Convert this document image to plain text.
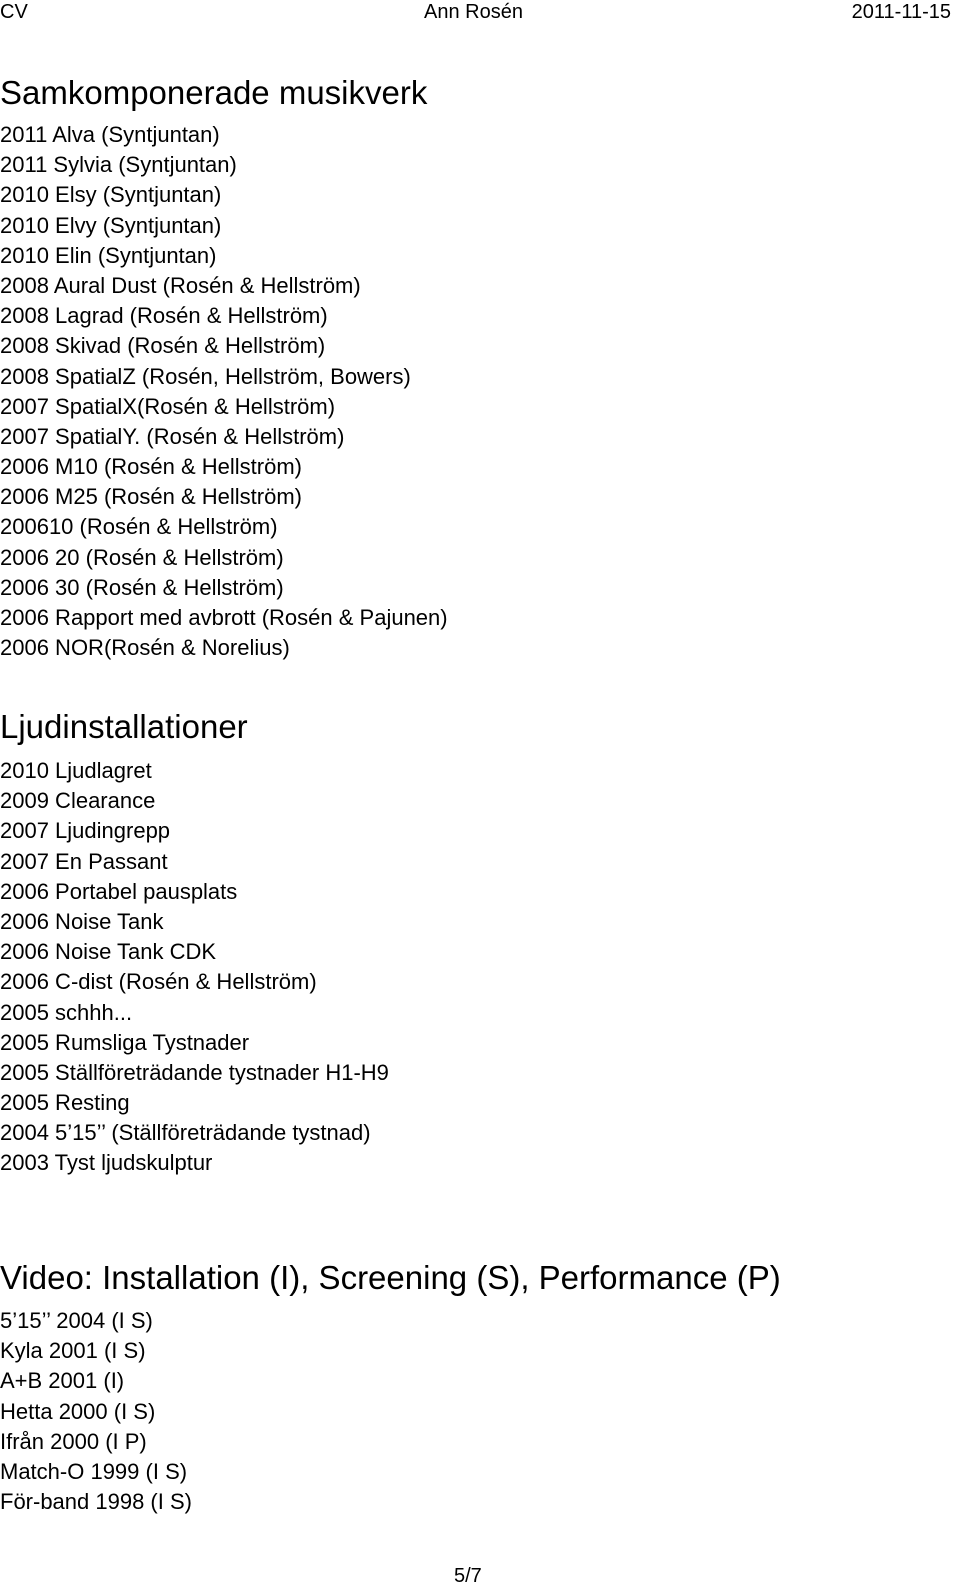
CV	Ann Rosén	2011-11-15
Samkomponerade musikverk
2011 Alva (Syntjuntan)
2011 Sylvia (Syntjuntan)
2010 Elsy (Syntjuntan)
2010 Elvy (Syntjuntan)
2010 Elin (Syntjuntan)
2008 Aural Dust (Rosén & Hellström)
2008 Lagrad (Rosén & Hellström)
2008 Skivad (Rosén & Hellström)
2008 SpatialZ (Rosén, Hellström, Bowers)
2007 SpatialX(Rosén & Hellström)
2007 SpatialY. (Rosén & Hellström)
2006 M10 (Rosén & Hellström)
2006 M25 (Rosén & Hellström)
200610 (Rosén & Hellström)
2006 20 (Rosén & Hellström)
2006 30 (Rosén & Hellström)
2006 Rapport med avbrott (Rosén & Pajunen)
2006 NOR(Rosén & Norelius)
Ljudinstallationer
2010 Ljudlagret
2009 Clearance
2007 Ljudingrepp
2007 En Passant
2006 Portabel pausplats
2006 Noise Tank
2006 Noise Tank CDK
2006 C-dist (Rosén & Hellström)
2005 schhh...
2005 Rumsliga Tystnader
2005 Ställföreträdande tystnader H1-H9
2005 Resting
2004 5’15’’ (Ställföreträdande tystnad)
2003 Tyst ljudskulptur
Video: Installation (I), Screening (S), Performance (P)
5’15’’ 2004 (I S)
Kyla 2001 (I S)
A+B 2001 (I)
Hetta 2000 (I S)
Ifrån 2000 (I P)
Match-O 1999 (I S)
För-band 1998 (I S)
5/7
